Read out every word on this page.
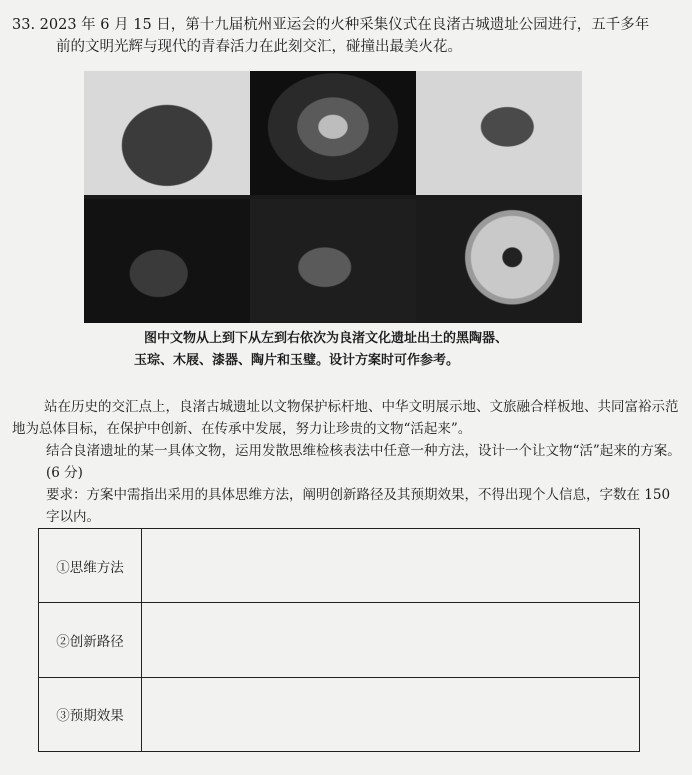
33. 2023 年 6 月 15 日，第十九届杭州亚运会的火种采集仪式在良渚古城遗址公园进行，五千多年
前的文明光辉与现代的青春活力在此刻交汇，碰撞出最美火花。
图中文物从上到下从左到右依次为良渚文化遗址出土的黑陶器、
玉琮、木屐、漆器、陶片和玉璧。设计方案时可作参考。
站在历史的交汇点上，良渚古城遗址以文物保护标杆地、中华文明展示地、文旅融合样板地、共同富裕示范地为总体目标，在保护中创新、在传承中发展，努力让珍贵的文物“活起来”。
结合良渚遗址的某一具体文物，运用发散思维检核表法中任意一种方法，设计一个让文物“活”起来的方案。(6 分)
要求：方案中需指出采用的具体思维方法，阐明创新路径及其预期效果，不得出现个人信息，字数在 150 字以内。
①思维方法	
②创新路径	
③预期效果	
